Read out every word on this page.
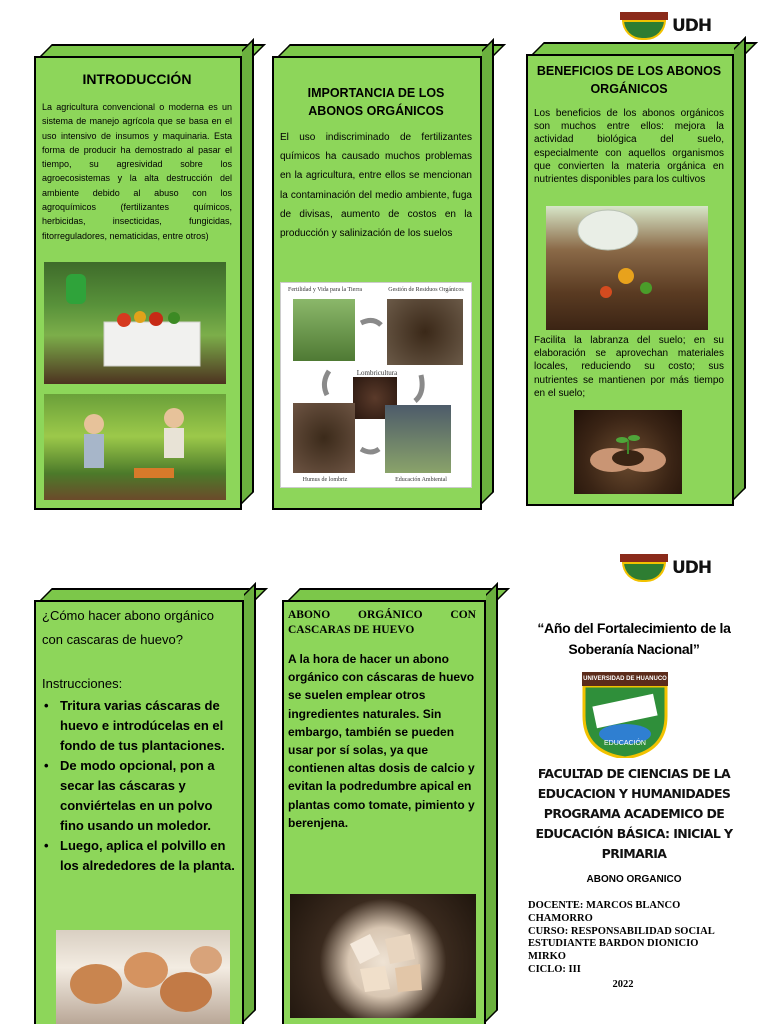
UDH
INTRODUCCIÓN

La agricultura convencional o moderna es un sistema de manejo agrícola que se basa en el uso intensivo de insumos y maquinaria. Esta forma de producir ha demostrado al pasar el tiempo, su agresividad sobre los agroecosistemas y la alta destrucción del ambiente debido al abuso con los agroquímicos (fertilizantes químicos, herbicidas, insecticidas, fungicidas, fitorreguladores, nematicidas, entre otros)

IMPORTANCIA DE LOS ABONOS ORGÁNICOS

El uso indiscriminado de fertilizantes químicos ha causado muchos problemas en la agricultura, entre ellos se mencionan la contaminación del medio ambiente, fuga de divisas, aumento de costos en la producción y salinización de los suelos

Fertilidad y Vida para la Tierra	Gestión de Residuos Orgánicos
Lombricultura
Humus de lombriz	Educación Ambiental
BENEFICIOS DE LOS ABONOS ORGÁNICOS

Los beneficios de los abonos orgánicos son muchos entre ellos: mejora la actividad biológica del suelo, especialmente con aquellos organismos que convierten la materia orgánica en nutrientes disponibles para los cultivos

Facilita la labranza del suelo; en su elaboración se aprovechan materiales locales, reduciendo su costo; sus nutrientes se mantienen por más tiempo en el suelo;

UDH

¿Cómo hacer abono orgánico con cascaras de huevo?

Instrucciones:

• Tritura varias cáscaras de huevo e introdúcelas en el fondo de tus plantaciones.
• De modo opcional, pon a secar las cáscaras y conviértelas en un polvo fino usando un moledor.
• Luego, aplica el polvillo en los alrededores de la planta.

ABONO ORGÁNICO CON CASCARAS DE HUEVO

A la hora de hacer un abono orgánico con cáscaras de huevo se suelen emplear otros ingredientes naturales. Sin embargo, también se pueden usar por sí solas, ya que contienen altas dosis de calcio y evitan la podredumbre apical en plantas como tomate, pimiento y berenjena.

“Año del Fortalecimiento de la Soberanía Nacional”

UNIVERSIDAD DE HUANUCO
EDUCACIÓN

FACULTAD DE CIENCIAS DE LA EDUCACION Y HUMANIDADES PROGRAMA ACADEMICO DE EDUCACIÓN BÁSICA: INICIAL Y PRIMARIA

ABONO ORGANICO

DOCENTE: MARCOS BLANCO CHAMORRO

CURSO: RESPONSABILIDAD SOCIAL

ESTUDIANTE BARDON DIONICIO MIRKO

CICLO: III

2022
